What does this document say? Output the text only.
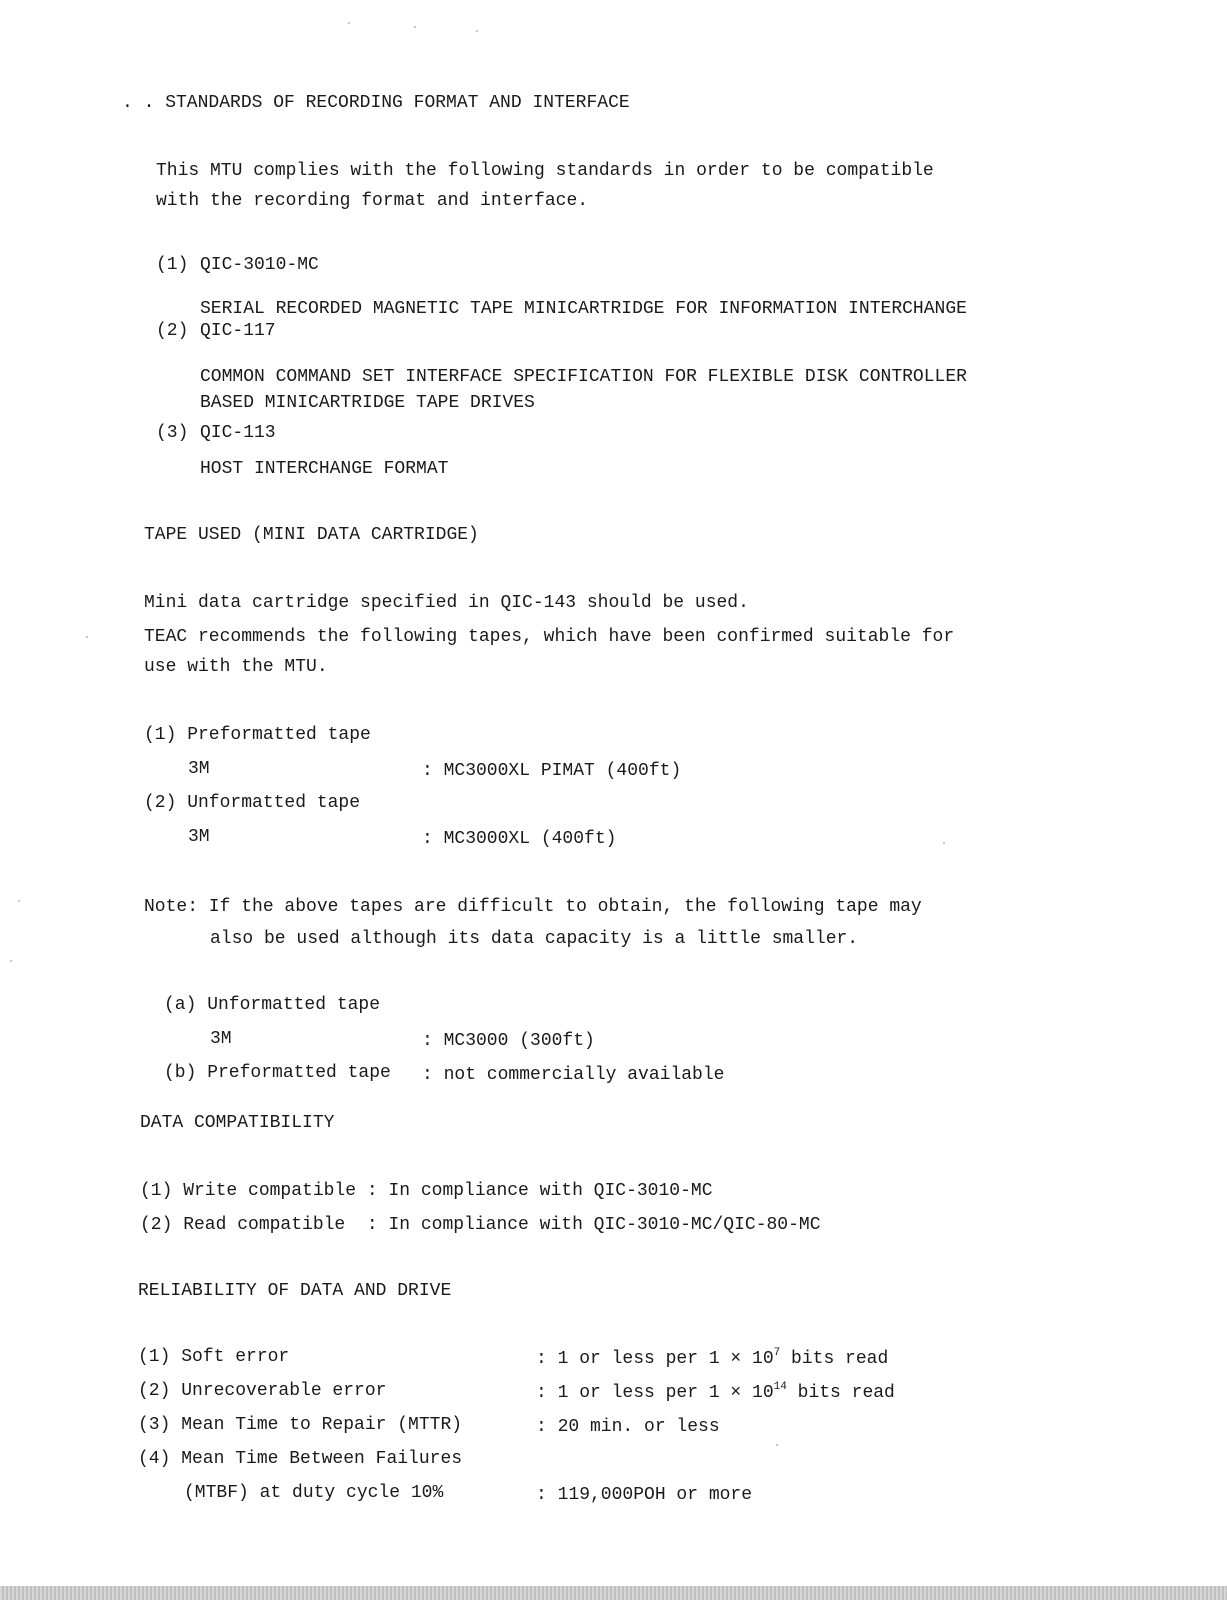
. . STANDARDS OF RECORDING FORMAT AND INTERFACE
This MTU complies with the following standards in order to be compatible
with the recording format and interface.
(1) QIC-3010-MC
SERIAL RECORDED MAGNETIC TAPE MINICARTRIDGE FOR INFORMATION INTERCHANGE
(2) QIC-117
COMMON COMMAND SET INTERFACE SPECIFICATION FOR FLEXIBLE DISK CONTROLLER
BASED MINICARTRIDGE TAPE DRIVES
(3) QIC-113
HOST INTERCHANGE FORMAT
TAPE USED (MINI DATA CARTRIDGE)
Mini data cartridge specified in QIC-143 should be used.
TEAC recommends the following tapes, which have been confirmed suitable for
use with the MTU.
(1) Preformatted tape
3M	: MC3000XL PIMAT (400ft)
(2) Unformatted tape
3M	: MC3000XL (400ft)
Note: If the above tapes are difficult to obtain, the following tape may
also be used although its data capacity is a little smaller.
(a) Unformatted tape
3M	: MC3000 (300ft)
(b) Preformatted tape : not commercially available
DATA COMPATIBILITY
(1) Write compatible : In compliance with QIC-3010-MC
(2) Read compatible  : In compliance with QIC-3010-MC/QIC-80-MC
RELIABILITY OF DATA AND DRIVE
(1) Soft error	: 1 or less per $1 \times 10^7$ bits read
(2) Unrecoverable error	: 1 or less per $1 \times 10^{14}$ bits read
(3) Mean Time to Repair (MTTR)	: 20 min. or less
(4) Mean Time Between Failures
(MTBF) at duty cycle 10%	: 119,000POH or more
